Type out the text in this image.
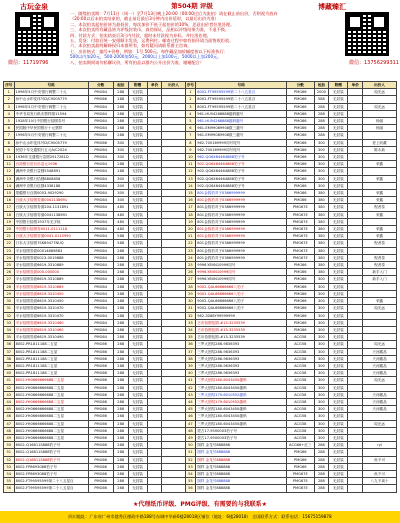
古玩金泉	博藏臻汇
微信：11719796	微信：13756299311
第504期 评级
一、随缘拍卖期：7月11日（周一）至7月13日晚上20:00（00:00过后为流拍）请在截止前出价，否则视为放弃
（20:00以后未拍卖结束的，截止前后最后3分钟内出价延时，以最后出价为准）
二、本次拍卖起拍价皆为最低价，每次加价不低于起拍价的10%，恶意出价者拉黑处理。
三、本次拍卖所有藏品皆为评级封装币，真伪保证，品相以评级结果为准，不退不换。
四、付款方式：拍卖结束后3日内付款，超时未付款视为弃标，并拉黑处理。
五、发货：付款后统一安排顺丰发货，运费到付。邮寄过程中如有损坏请当面签收拒收。
六、本次拍卖最终解释权归本群所有，如有疑问请联系群主咨询。
七、出价格式：编号+价格，例如：1号 500元。每件藏品加价幅度按以下标准执行：
500以内加20元，500-2000加50元，2000以上加100元，5000以上加200元。
八、拍卖期间请勿私聊议价，所有拍品以群内公开出价为准，谢谢配合！
序号	号码	分数	起拍	附赠	单价	出价人	序号	号码	分数	起拍	附赠	单价	出价人
1	1996年5月中央银行调整二十元	PMG64	288	无封装			1	8002-FT99595599第二十八五星百	PMG66	2000	无封装		周光远
2	孙中山水印变体号D/C9005779	PMG66	288	无封装			2	8002-FT99595599第二十八五星百	PMG66	588	无封装		
3	1996年5月中央银行调整二十元	PMG64	288	无封装			3	8002-FT99595599第二十八五星百	PMG66	288	无封装		周光远
4	中华书局发行纸币票样图11594	PMG64	288	无封装			4	961-HU54268888趣码趣号	PMG66	288	无封装		
5	1928年10月中国银行拾圆券号	PMG64	288	无封装			5	961-HU54268888趣码趣号	PMG66	288	无封装		杨丽
6	民国版中华民国银行十元票样	PMG64	288	无封装			6	961-EM99089908数三趣号	PMG66	288	无封装		杨丽
7	1996年5月中央银行调整二十元	PMG64	288	无封装			7	961-EM99089908数三趣号	PMG66	288	无封装		
8	孙中山水印变体号D/C9005779	PMG66	300	无封装			8	962-700169999同号尾号	PMG66	300	无封装		爱上收藏
9	民国十年交通银行五元A/C2024	PMG64	300	无封装			9	962-700169999同号尾号	PMG66	300	无封装		陈永新
10	1936年交通银行壹圆2917261D	PMG64	300	无封装			10	962-QG6464464888豹子号	PMG66	300	无封装		
11	台湾银行旧台币壹元1936	PMG64	288	无封装			11	902-QG6464464888豹子号	PMG66	300	无封装		荣鑫
12	满洲中央银行壹圆5548891	PMG64	288	无封装			12	902-QG6464464888豹子号	PMG66	300	无封装		
13	满洲中央银行拾圆8808858	PMG64	300	无封装			13	902-QG6464464888豹子号	PMG66	300	无封装		荣鑫
14	满洲中央银行伍圆4338188	PMG64	300	无封装			14	902-QG6464464888豹子号	PMG66	300	无封装		
15	蒙疆银行百圆0053-9029290	PMG64	300	无封装			15	801金钱豹对子0366999999	PMG66	380	无封装		荣鑫
16	白族大字拾圆券面0041138691	PMG64	300	无封装			16	801金钱豹对子0366999999	PMG66	380	无封装		荣鑫
17	白族大字拾圆券面204-1131891	PMG64	480	无封装			17	801金钱豹对子0366999999	PMG67E	380	无封装		程者泰
18	白族大字拾圆券面0041138691	PMG64	480	无封装			18	801金钱豹对子0366999999	PMG67E	380	无封装		荣鑫
19	中国银行拾圆1937年无字轨	PMG64	480	无封装			19	801金钱豹对子0366999999	PMG67E	380	无封装		
20	中国银行拾圆券0011-0111118	PMG64	480	无封装			20	801金钱豹对子0366999999	PMG67E	380	无封装		荣鑫
21	白族大字拾圆券面0041-0115990	PMG64	588	无封装			21	801金钱豹对子0366999999	PMG67E	380	无封装		荣鑫
22	日本大字拾圆7SK89477NUQ	PMG64	588	无封装			22	801金钱豹对子0366999999	PMG67E	380	无封装		程者泰
23	平水拾圆券面00014889883	PMG64	288	无封装			23	801金钱豹对子0366999999	PMG67E	380	无封装		
24	平水拾圆券面0013-0019888	PMG64	288	无封装			24	801金钱豹对子0366999999	PMG67E	380	无封装		程者泰
25	平水拾圆券面6619-3310889	PMG64	288	无封装			25	9996-Y8VN10999同号	PMG66	380	无封装		程者泰
26	平水拾圆券面000-000000	PMG64	288	无封装			26	9996-Y8VN10999同号	PMG66	380	无封装		新手入门
27	平水拾圆券面6619-3310889	PMG64	288	无封装			27	9996-Y8VN10999同号	PMG66	300	无封装		新手入门
28	平水拾圆券面6619-3310889	PMG64	288	无封装			28	9002-QAL66666666八豹子	PMG66	300	无封装		
29	平水拾圆券面6619-3310450	PMG64	288	无封装			29	9002-QAL66666666八豹子	PMG66	300	无封装		
30	平水拾圆券面6619-3310450	PMG64	288	无封装			30	9002-QAL66666666八豹子	PMG66	300	无封装		荣鑫
31	平水拾圆券面6619-3310470	PMG64	288	无封装			31	9002-QAL66666666八豹子	PMG66	300	无封装		周光远
32	平水拾圆券面6619-3310470	PMG64	288	无封装			32	962-3088Y99999999	PMG66	300	无封装		
33	平水拾圆券面6619-3310460	PMG64	288	无封装			33	古币拾圆伍圆-#13-3235539	PMG66	300	无封装		
34	平水拾圆券面6619-3310460	PMG64	288	无封装			34	古币拾圆伍圆-#13-3235539	PMG66	300	无封装		
35	平水拾圆券面6619-3310490	PMG64	288	无封装			35	古币拾圆伍圆-#13-3235539	ACG58	300	无封装		
36	8002-PR1811188二五星	PMG66	288	无封装			36	三罗大团结286-9836393	ACG58	300	无封装		周光远
37	8002-PR1811188二五星	PMG66	288	无封装			37	三罗大团结286-9836393	ACG58	300	无封装		天河藏品
38	8002-PR1811188二五星	PMG66	288	无封装			38	三罗大团结286-9836393	ACG58	300	无封装		天河藏品
39	8002-PR1811188二五星	PMG66	288	无封装			39	三罗大团结286-9836393	ACG58	300	无封装		天河藏品
40	8002-PR1811188二五星	PMG66	288	无封装			40	三罗大团结286-9836393	ACG58	300	无封装		天河藏品
41	8002-YH0666666688二五星	PMG66	288	无封装			41	三罗大团结180-6043450趣码	ACG58	300	无封装		周光远
42	8002-YH0666666688二五星	PMG66	288	无封装			42	三罗大团结180-6043450趣码	ACG58	300	无封装		
43	8002-YH0666666688二五星	PMG66	288	无封装			43	三罗大团结179-6010552趣码	ACG58	300	无封装		天河藏品
44	8002-YH0666666688二五星	PMG66	288	无封装			44	三罗大团结179-6010552趣码	ACG58	300	无封装		天河藏品
45	8002-YH0666666688二五星	PMG66	288	无封装			45	三罗大团结180-6043450趣码	ACG58	300	无封装		天河藏品
46	8002-YH0666666688二五星	PMG66	288	无封装			46	三罗大团结180-6043450趣码	ACG58	300	无封装		
47	8002-YH0666666688二五星	PMG66	288	无封装			47	三罗大团结180-6043450趣码	ACG58	300	无封装		周光远
48	8002-YH0666666688二五星	PMG66	288	无封装			48	蒙古17-9500003豹子号	ACG58	300	无封装		
49	8002-YH0666666688二五星	PMG66	288	无封装			49	蒙古17-9500003豹子号	ACG58	300	无封装		
50	8002-Q16811S888豹子号	PMG66	288	无封装			50	图样 金龙号888888	ACG66+红三	288	无封装		ryl
51	8002-Q16811S888豹子号	PMG66	288	无封装			51	图样 金龙号888888	PMG66	288	无封装		
52	8002-Q16811S888豹子号	PMG66	288	无封装			52	图样 金龙号888888	PMG66	288	无封装		鱼不可
53	8002-FP8693088豹子号	PMG66	288	无封装			53	图样 金龙号888888	PMG66	288	无封装		
54	8002-FP8693088豹子号	PMG66	288	无封装			54	图样 金龙号888888	PMG67E	288	无封装		鱼不可
55	8002-FT99595599第二十八五星百	PMG66	288	无封装			55	图样 金龙号888888	PMG67E	288	无封装		八九不离十
56	8002-FT99595599第二十八五星百	PMG66	288	无封装			56	图样 金龙号888888	PMG67E	288	无封装		
★代理纸币评级、PMG评级、有需要的与我联系★
四川地址：广东省广州市越秀区德政中路188号东城中华新6楼28018区铺位（地址：6楼28018） 全国联系方式：联系电话：15675159878
